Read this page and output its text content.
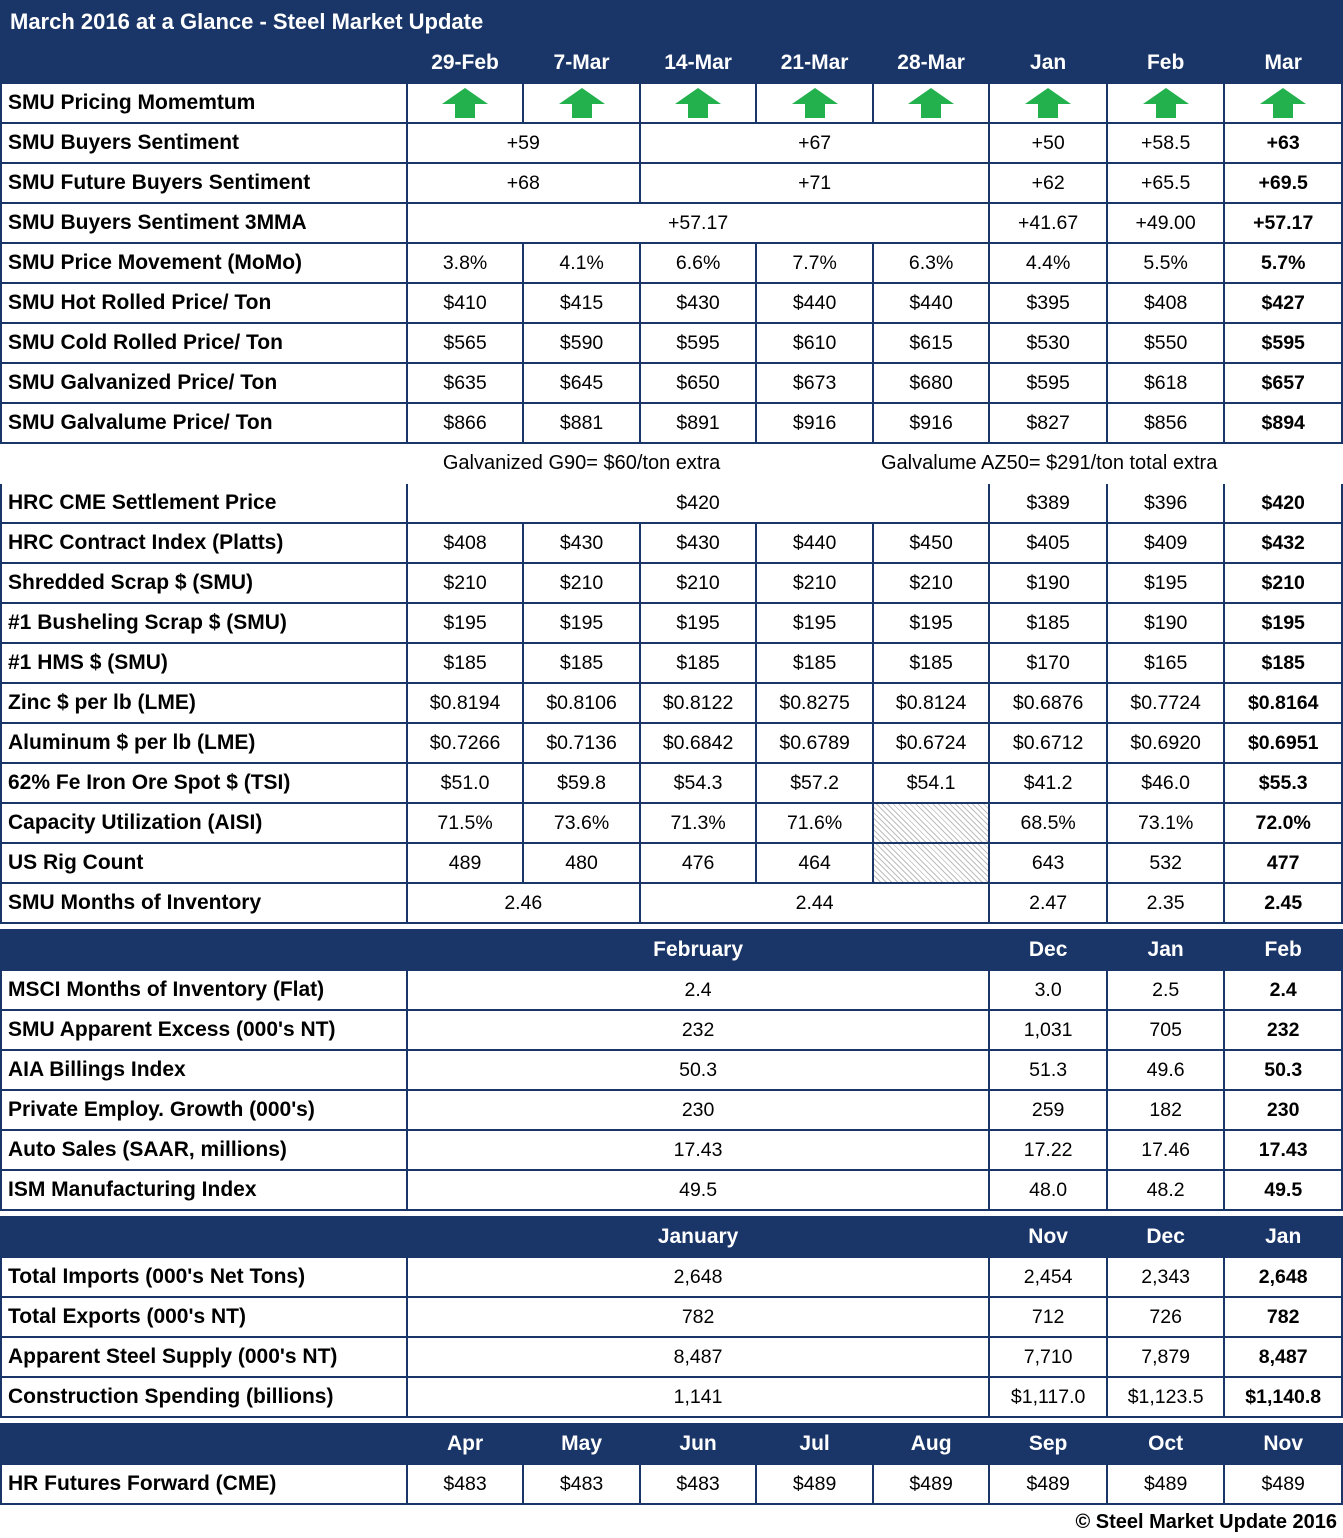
March 2016 at a Glance - Steel Market Update								
	29-Feb	7-Mar	14-Mar	21-Mar	28-Mar	Jan	Feb	Mar
SMU Pricing Momemtum								
SMU Buyers Sentiment	+59		+67			+50	+58.5	+63
SMU Future Buyers Sentiment	+68		+71			+62	+65.5	+69.5
SMU Buyers Sentiment 3MMA	+57.17					+41.67	+49.00	+57.17
SMU Price Movement (MoMo)	3.8%	4.1%	6.6%	7.7%	6.3%	4.4%	5.5%	5.7%
SMU Hot Rolled Price/ Ton	$410	$415	$430	$440	$440	$395	$408	$427
SMU Cold Rolled Price/ Ton	$565	$590	$595	$610	$615	$530	$550	$595
SMU Galvanized Price/ Ton	$635	$645	$650	$673	$680	$595	$618	$657
SMU Galvalume Price/ Ton	$866	$881	$891	$916	$916	$827	$856	$894
	Galvanized G90= $60/ton extra			Galvalume AZ50= $291/ton total extra				
HRC CME Settlement Price	$420					$389	$396	$420
HRC Contract Index (Platts)	$408	$430	$430	$440	$450	$405	$409	$432
Shredded Scrap $ (SMU)	$210	$210	$210	$210	$210	$190	$195	$210
#1 Busheling Scrap $ (SMU)	$195	$195	$195	$195	$195	$185	$190	$195
#1 HMS $ (SMU)	$185	$185	$185	$185	$185	$170	$165	$185
Zinc $ per lb (LME)	$0.8194	$0.8106	$0.8122	$0.8275	$0.8124	$0.6876	$0.7724	$0.8164
Aluminum $ per lb (LME)	$0.7266	$0.7136	$0.6842	$0.6789	$0.6724	$0.6712	$0.6920	$0.6951
62% Fe Iron Ore Spot $ (TSI)	$51.0	$59.8	$54.3	$57.2	$54.1	$41.2	$46.0	$55.3
Capacity Utilization (AISI)	71.5%	73.6%	71.3%	71.6%		68.5%	73.1%	72.0%
US Rig Count	489	480	476	464		643	532	477
SMU Months of Inventory	2.46		2.44			2.47	2.35	2.45

	February					Dec	Jan	Feb
MSCI Months of Inventory (Flat)	2.4					3.0	2.5	2.4
SMU Apparent Excess (000's NT)	232					1,031	705	232
AIA Billings Index	50.3					51.3	49.6	50.3
Private Employ. Growth (000's)	230					259	182	230
Auto Sales (SAAR, millions)	17.43					17.22	17.46	17.43
ISM Manufacturing Index	49.5					48.0	48.2	49.5

	January					Nov	Dec	Jan
Total Imports (000's Net Tons)	2,648					2,454	2,343	2,648
Total Exports (000's NT)	782					712	726	782
Apparent Steel Supply (000's NT)	8,487					7,710	7,879	8,487
Construction Spending (billions)	1,141					$1,117.0	$1,123.5	$1,140.8

	Apr	May	Jun	Jul	Aug	Sep	Oct	Nov
HR Futures Forward (CME)	$483	$483	$483	$489	$489	$489	$489	$489
© Steel Market Update 2016
